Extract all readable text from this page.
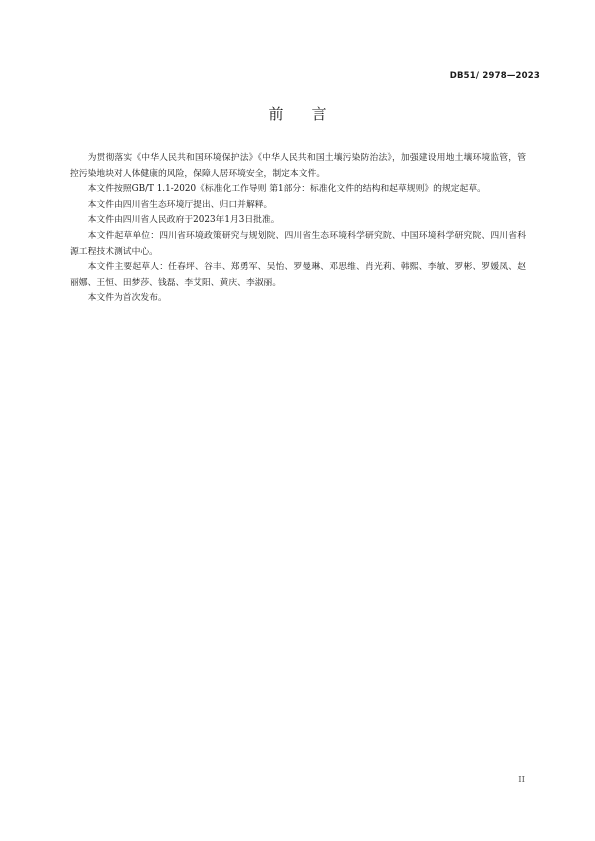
DB51/ 2978—2023
前言

为贯彻落实《中华人民共和国环境保护法》《中华人民共和国土壤污染防治法》，加强建设用地土壤环境监管，管控污染地块对人体健康的风险，保障人居环境安全，制定本文件。

本文件按照GB/T 1.1-2020《标准化工作导则 第1部分：标准化文件的结构和起草规则》的规定起草。

本文件由四川省生态环境厅提出、归口并解释。

本文件由四川省人民政府于2023年1月3日批准。

本文件起草单位：四川省环境政策研究与规划院、四川省生态环境科学研究院、中国环境科学研究院、四川省科源工程技术测试中心。

本文件主要起草人：任春坪、谷丰、郑勇军、吴怡、罗曼琳、邓思维、肖光莉、韩熙、李敏、罗彬、罗媛凤、赵丽娜、王恒、田梦莎、钱磊、李艾阳、黄庆、李淑丽。

本文件为首次发布。

II
